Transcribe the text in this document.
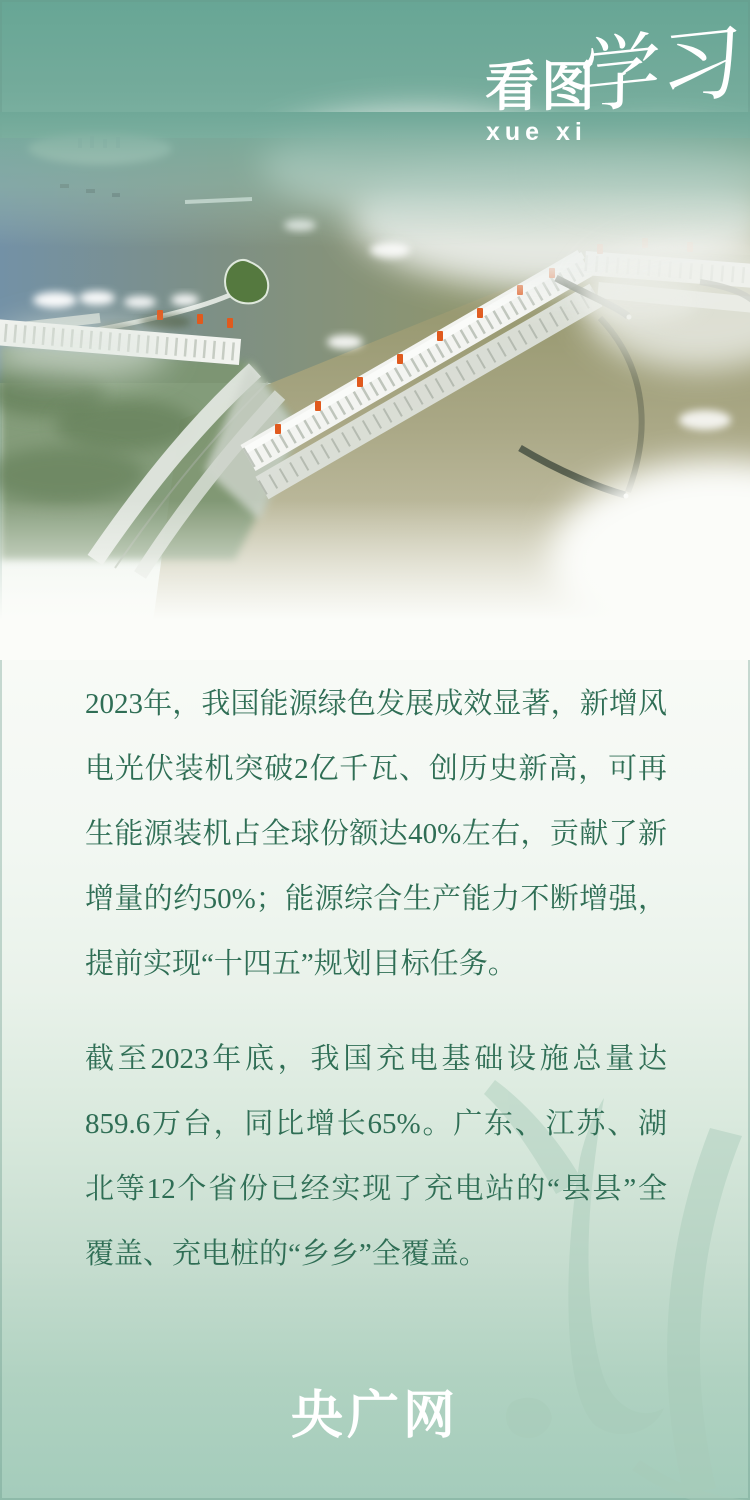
看图
xue xi
学习
2023年，我国能源绿色发展成效显著，新增风
电光伏装机突破2亿千瓦、创历史新高，可再
生能源装机占全球份额达40%左右，贡献了新
增量的约50%；能源综合生产能力不断增强，
提前实现“十四五”规划目标任务。
截至2023年底，我国充电基础设施总量达
859.6万台，同比增长65%。广东、江苏、湖
北等12个省份已经实现了充电站的“县县”全
覆盖、充电桩的“乡乡”全覆盖。
央广网
